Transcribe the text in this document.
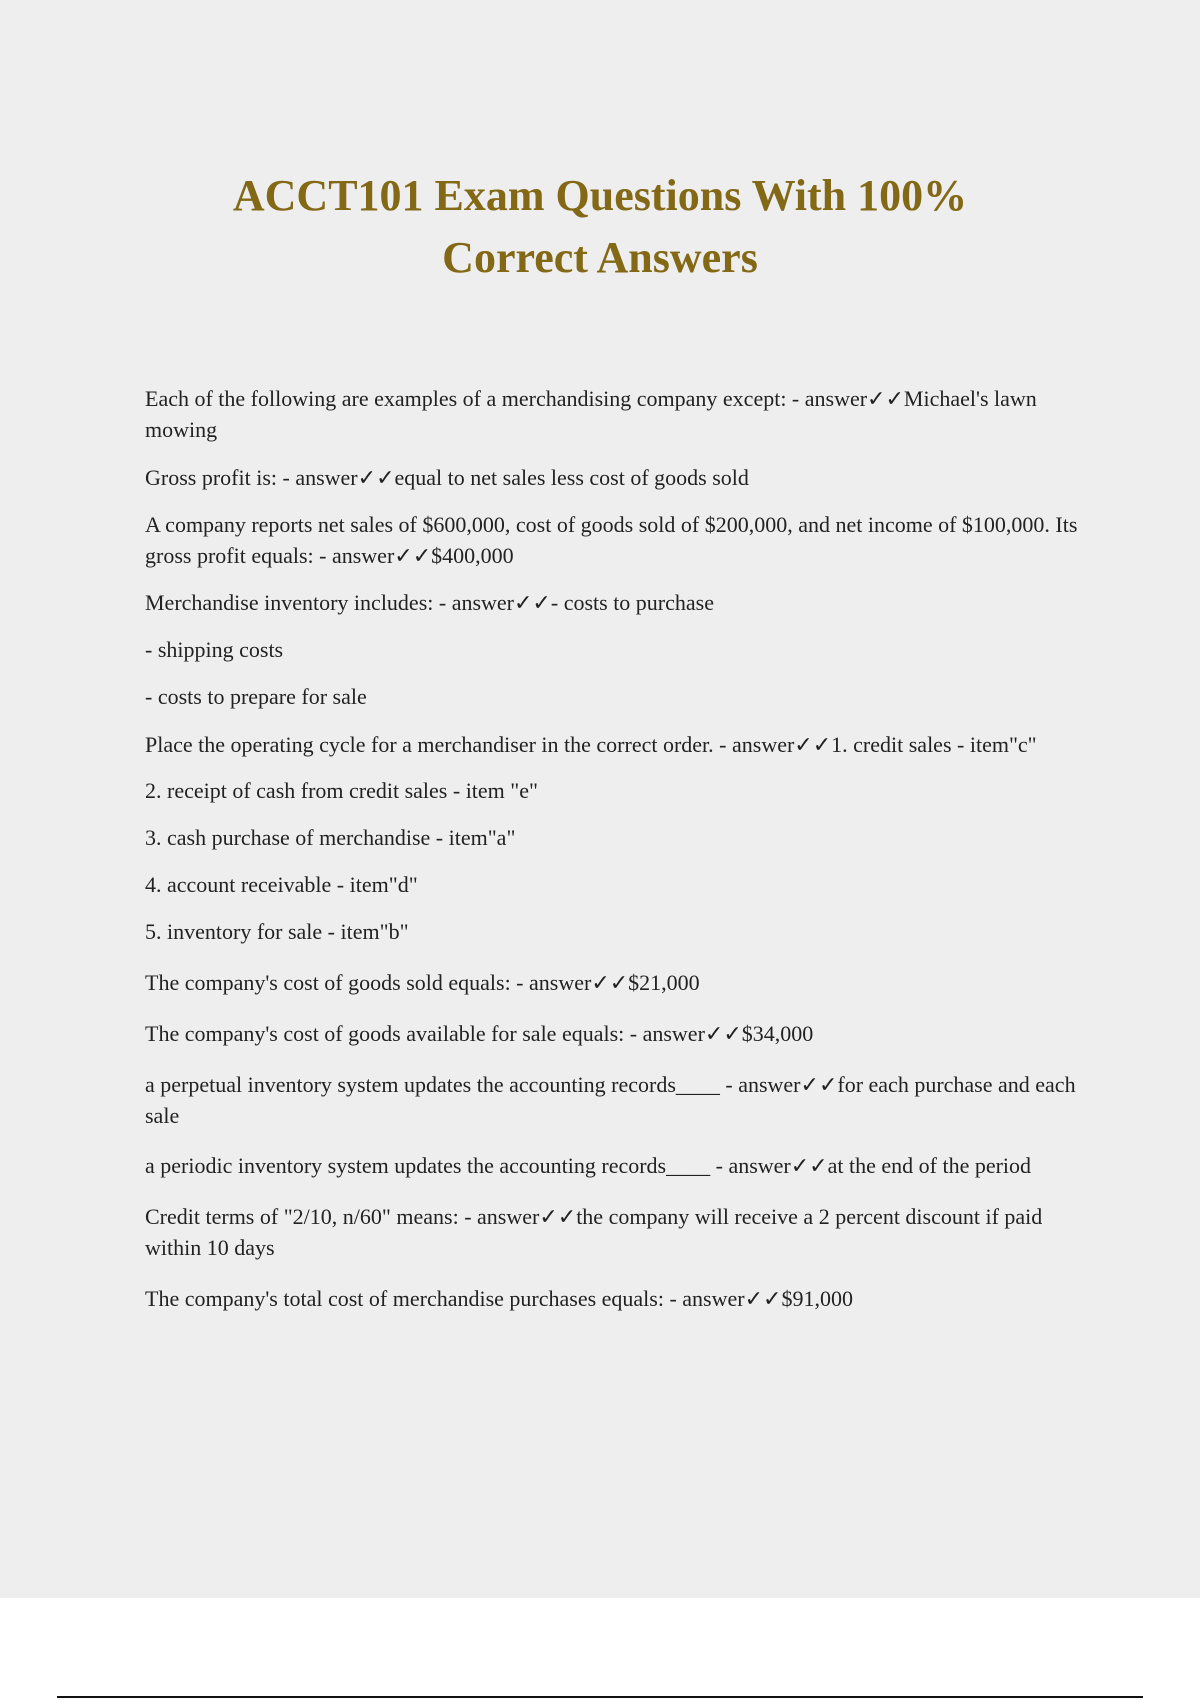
ACCT101 Exam Questions With 100%
Correct Answers

Each of the following are examples of a merchandising company except: - answer✓✓Michael's lawn mowing

Gross profit is: - answer✓✓equal to net sales less cost of goods sold

A company reports net sales of $600,000, cost of goods sold of $200,000, and net income of $100,000. Its gross profit equals: - answer✓✓$400,000

Merchandise inventory includes: - answer✓✓- costs to purchase

- shipping costs

- costs to prepare for sale

Place the operating cycle for a merchandiser in the correct order. - answer✓✓1. credit sales - item"c"

2. receipt of cash from credit sales - item "e"

3. cash purchase of merchandise - item"a"

4. account receivable - item"d"

5. inventory for sale - item"b"

The company's cost of goods sold equals: - answer✓✓$21,000

The company's cost of goods available for sale equals: - answer✓✓$34,000

a perpetual inventory system updates the accounting records____ - answer✓✓for each purchase and each sale

a periodic inventory system updates the accounting records____ - answer✓✓at the end of the period

Credit terms of "2/10, n/60" means: - answer✓✓the company will receive a 2 percent discount if paid within 10 days

The company's total cost of merchandise purchases equals: - answer✓✓$91,000
